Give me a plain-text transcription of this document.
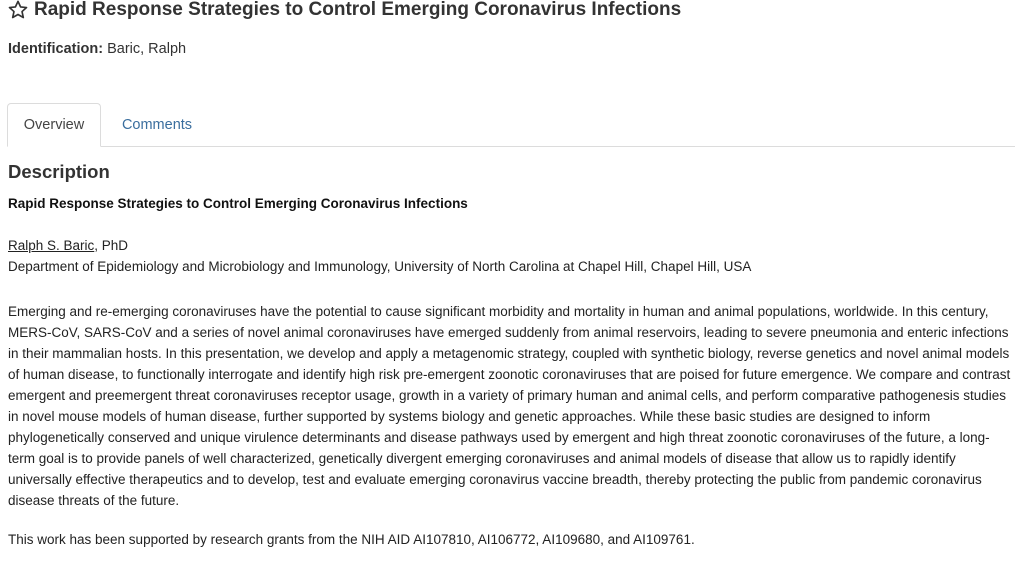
Rapid Response Strategies to Control Emerging Coronavirus Infections
Identification: Baric, Ralph
Overview	Comments
Description
Rapid Response Strategies to Control Emerging Coronavirus Infections
Ralph S. Baric, PhD
Department of Epidemiology and Microbiology and Immunology, University of North Carolina at Chapel Hill, Chapel Hill, USA
Emerging and re-emerging coronaviruses have the potential to cause significant morbidity and mortality in human and animal populations, worldwide. In this century, MERS-CoV, SARS-CoV and a series of novel animal coronaviruses have emerged suddenly from animal reservoirs, leading to severe pneumonia and enteric infections in their mammalian hosts. In this presentation, we develop and apply a metagenomic strategy, coupled with synthetic biology, reverse genetics and novel animal models of human disease, to functionally interrogate and identify high risk pre-emergent zoonotic coronaviruses that are poised for future emergence. We compare and contrast emergent and preemergent threat coronaviruses receptor usage, growth in a variety of primary human and animal cells, and perform comparative pathogenesis studies in novel mouse models of human disease, further supported by systems biology and genetic approaches. While these basic studies are designed to inform phylogenetically conserved and unique virulence determinants and disease pathways used by emergent and high threat zoonotic coronaviruses of the future, a long-term goal is to provide panels of well characterized, genetically divergent emerging coronaviruses and animal models of disease that allow us to rapidly identify universally effective therapeutics and to develop, test and evaluate emerging coronavirus vaccine breadth, thereby protecting the public from pandemic coronavirus disease threats of the future.
This work has been supported by research grants from the NIH AID AI107810, AI106772, AI109680, and AI109761.
